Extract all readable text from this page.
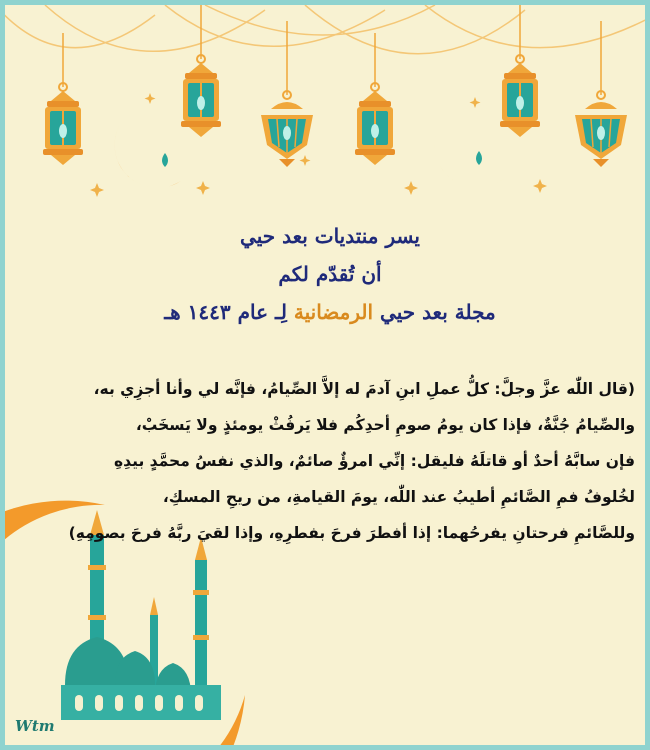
يسر منتديات بعد حيي
أن تُقدّم لكم
مجلة بعد حيي الرمضانية لِـ عام ١٤٤٣ هـ
(قال اللّٰه عزَّ وجلَّ: كلُّ عملِ ابنِ آدمَ له إلاَّ الصِّيامُ، فإنَّه لي وأنا أجزِي به،
والصِّيامُ جُنَّةٌ، فإذا كان يومُ صومِ أحدِكُم فلا يَرفُثْ يومئذٍ ولا يَسخَبْ،
فإن سابَّهُ أحدٌ أو قاتلَهُ فليقل: إنِّي امرؤٌ صائمٌ، والذي نفسُ محمَّدٍ بيدِهِ
لخُلوفُ فمِ الصَّائمِ أطيبُ عند اللّٰه، يومَ القيامةِ، من ريحِ المسكِ،
وللصَّائمِ فرحتانِ يفرحُهما: إذا أفطرَ فرحَ بفطرِهِ، وإذا لقيَ ربَّهُ فرحَ بصومِهِ)
Wtm
